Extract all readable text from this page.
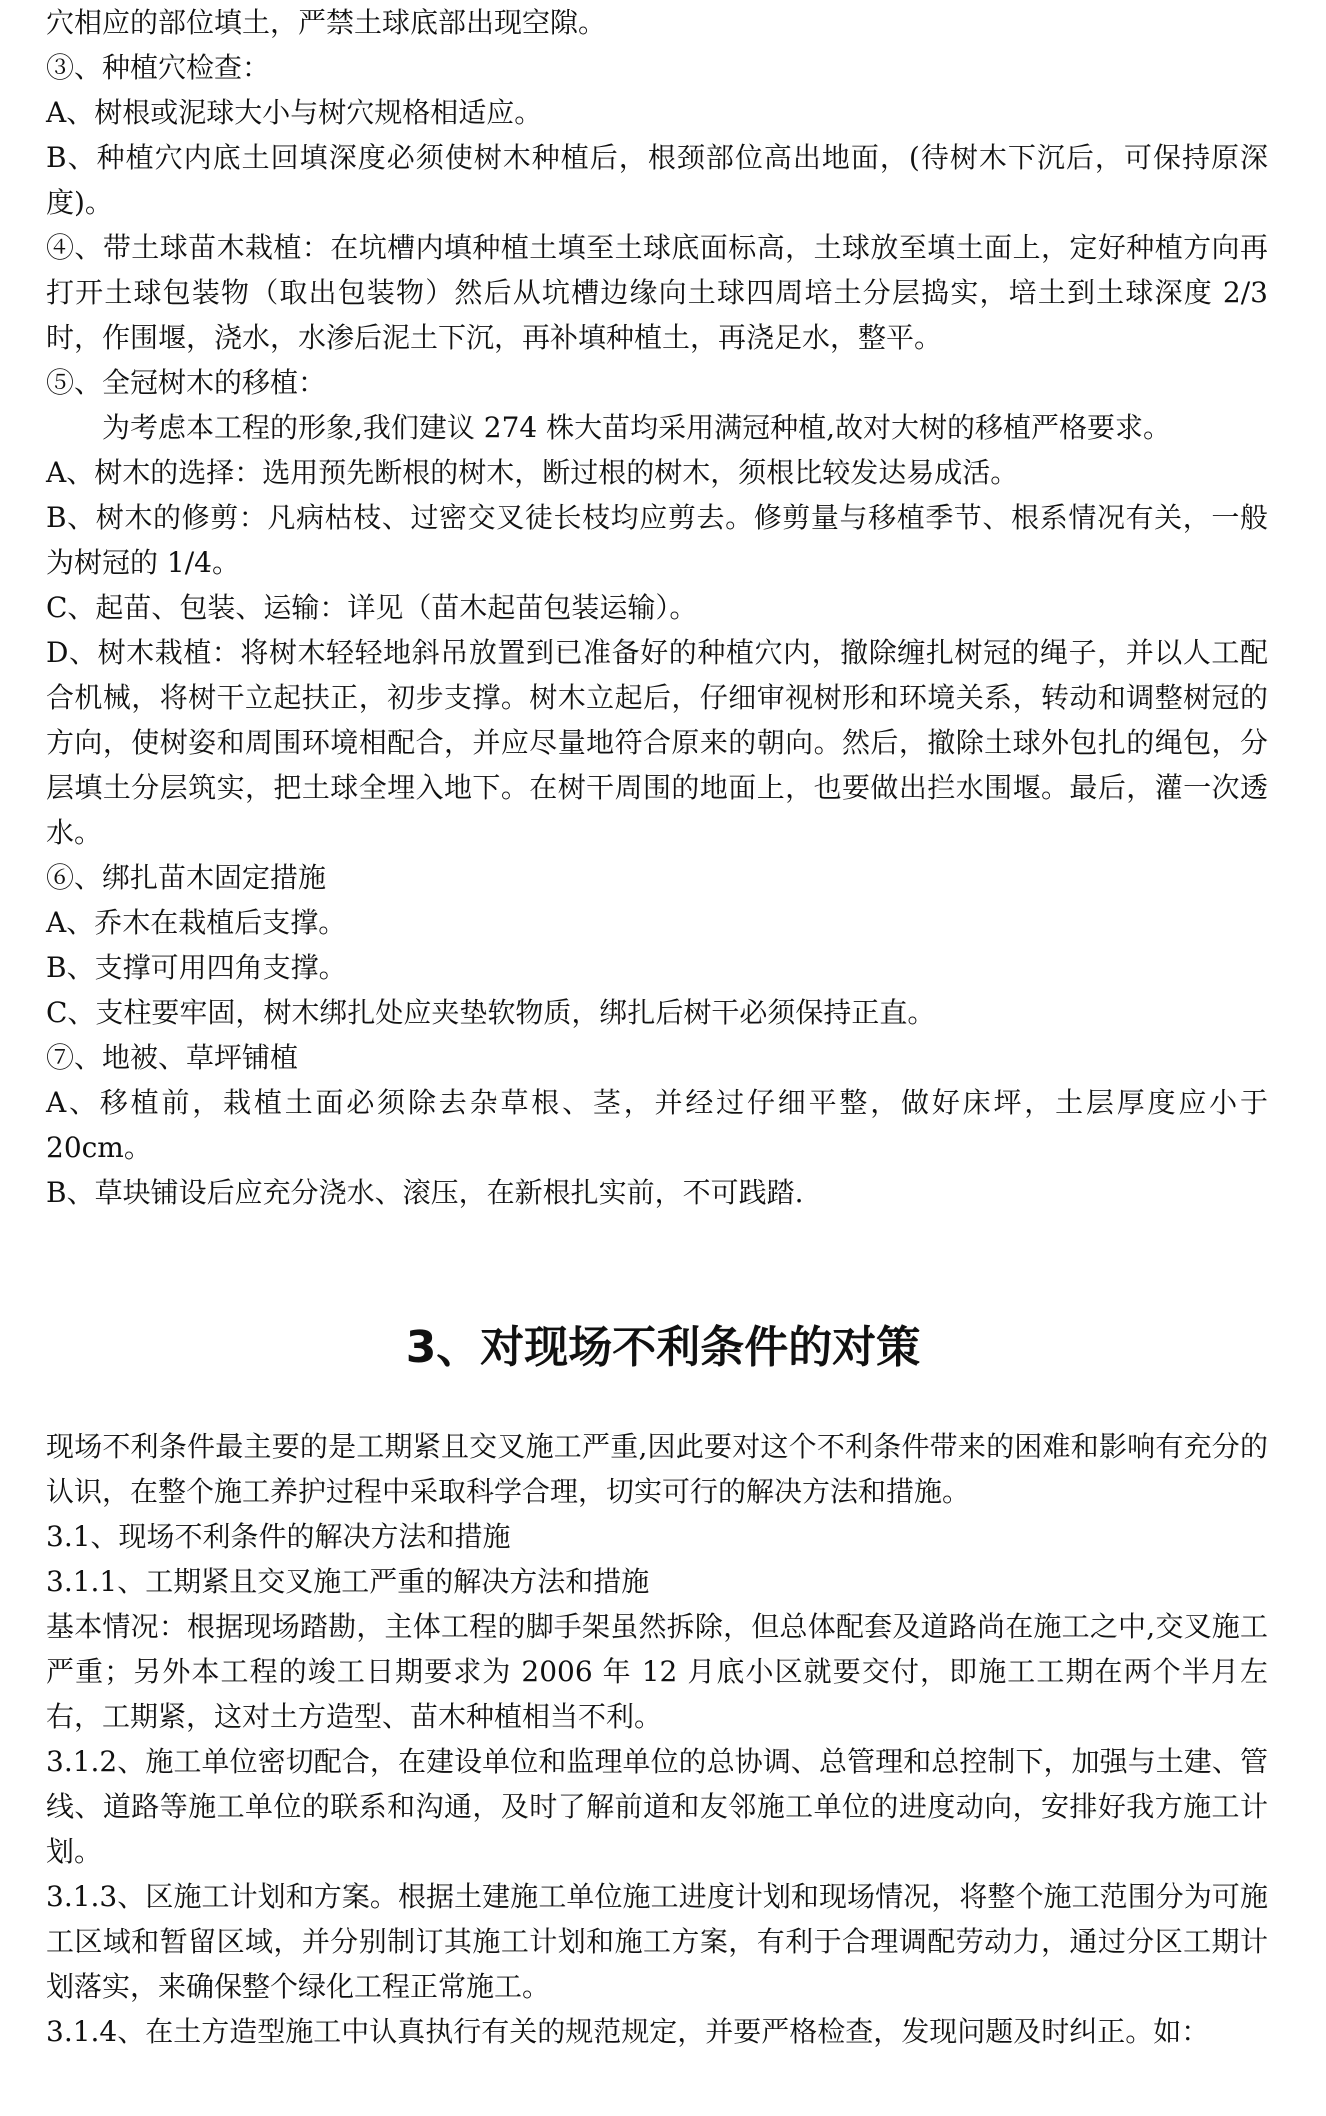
穴相应的部位填土，严禁土球底部出现空隙。

③、种植穴检查：

A、树根或泥球大小与树穴规格相适应。

B、种植穴内底土回填深度必须使树木种植后，根颈部位高出地面，(待树木下沉后，可保持原深度)。

④、带土球苗木栽植：在坑槽内填种植土填至土球底面标高，土球放至填土面上，定好种植方向再打开土球包装物（取出包装物）然后从坑槽边缘向土球四周培土分层捣实，培土到土球深度 2/3 时，作围堰，浇水，水渗后泥土下沉，再补填种植土，再浇足水，整平。

⑤、全冠树木的移植：

为考虑本工程的形象,我们建议 274 株大苗均采用满冠种植,故对大树的移植严格要求。

A、树木的选择：选用预先断根的树木，断过根的树木，须根比较发达易成活。

B、树木的修剪：凡病枯枝、过密交叉徒长枝均应剪去。修剪量与移植季节、根系情况有关，一般为树冠的 1/4。

C、起苗、包装、运输：详见（苗木起苗包装运输）。

D、树木栽植：将树木轻轻地斜吊放置到已准备好的种植穴内，撤除缠扎树冠的绳子，并以人工配合机械，将树干立起扶正，初步支撑。树木立起后，仔细审视树形和环境关系，转动和调整树冠的方向，使树姿和周围环境相配合，并应尽量地符合原来的朝向。然后，撤除土球外包扎的绳包，分层填土分层筑实，把土球全埋入地下。在树干周围的地面上，也要做出拦水围堰。最后，灌一次透水。

⑥、绑扎苗木固定措施

A、乔木在栽植后支撑。

B、支撑可用四角支撑。

C、支柱要牢固，树木绑扎处应夹垫软物质，绑扎后树干必须保持正直。

⑦、地被、草坪铺植

A、移植前，栽植土面必须除去杂草根、茎，并经过仔细平整，做好床坪，土层厚度应小于 20cm。

B、草块铺设后应充分浇水、滚压，在新根扎实前，不可践踏.

3、对现场不利条件的对策

现场不利条件最主要的是工期紧且交叉施工严重,因此要对这个不利条件带来的困难和影响有充分的认识，在整个施工养护过程中采取科学合理，切实可行的解决方法和措施。

3.1、现场不利条件的解决方法和措施

3.1.1、工期紧且交叉施工严重的解决方法和措施

基本情况：根据现场踏勘，主体工程的脚手架虽然拆除，但总体配套及道路尚在施工之中,交叉施工严重；另外本工程的竣工日期要求为 2006 年 12 月底小区就要交付，即施工工期在两个半月左右，工期紧，这对土方造型、苗木种植相当不利。

3.1.2、施工单位密切配合，在建设单位和监理单位的总协调、总管理和总控制下，加强与土建、管线、道路等施工单位的联系和沟通，及时了解前道和友邻施工单位的进度动向，安排好我方施工计划。

3.1.3、区施工计划和方案。根据土建施工单位施工进度计划和现场情况，将整个施工范围分为可施工区域和暂留区域，并分别制订其施工计划和施工方案，有利于合理调配劳动力，通过分区工期计划落实，来确保整个绿化工程正常施工。

3.1.4、在土方造型施工中认真执行有关的规范规定，并要严格检查，发现问题及时纠正。如：
